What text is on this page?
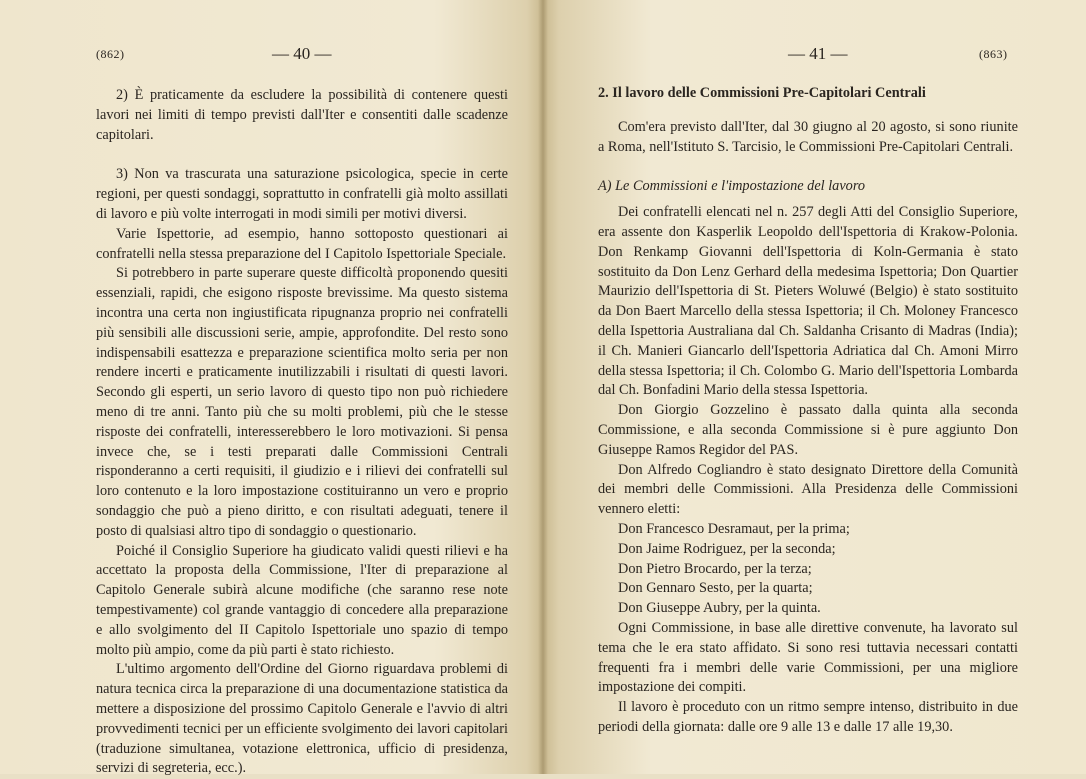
(862)	— 40 —

2) È praticamente da escludere la possibilità di contenere questi lavori nei limiti di tempo previsti dall'Iter e consentiti dalle scadenze capitolari.

3) Non va trascurata una saturazione psicologica, specie in certe regioni, per questi sondaggi, soprattutto in confratelli già molto assillati di lavoro e più volte interrogati in modi simili per motivi diversi.

Varie Ispettorie, ad esempio, hanno sottoposto questionari ai confratelli nella stessa preparazione del I Capitolo Ispettoriale Speciale.

Si potrebbero in parte superare queste difficoltà proponendo quesiti essenziali, rapidi, che esigono risposte brevissime. Ma questo sistema incontra una certa non ingiustificata ripugnanza proprio nei confratelli più sensibili alle discussioni serie, ampie, approfondite. Del resto sono indispensabili esattezza e preparazione scientifica molto seria per non rendere incerti e praticamente inutilizzabili i risultati di questi lavori. Secondo gli esperti, un serio lavoro di questo tipo non può richiedere meno di tre anni. Tanto più che su molti problemi, più che le stesse risposte dei confratelli, interesserebbero le loro motivazioni. Si pensa invece che, se i testi preparati dalle Commissioni Centrali risponderanno a certi requisiti, il giudizio e i rilievi dei confratelli sul loro contenuto e la loro impostazione costituiranno un vero e proprio sondaggio che può a pieno diritto, e con risultati adeguati, tenere il posto di qualsiasi altro tipo di sondaggio o questionario.

Poiché il Consiglio Superiore ha giudicato validi questi rilievi e ha accettato la proposta della Commissione, l'Iter di preparazione al Capitolo Generale subirà alcune modifiche (che saranno rese note tempestivamente) col grande vantaggio di concedere alla preparazione e allo svolgimento del II Capitolo Ispettoriale uno spazio di tempo molto più ampio, come da più parti è stato richiesto.

L'ultimo argomento dell'Ordine del Giorno riguardava problemi di natura tecnica circa la preparazione di una documentazione statistica da mettere a disposizione del prossimo Capitolo Generale e l'avvio di altri provvedimenti tecnici per un efficiente svolgimento dei lavori capitolari (traduzione simultanea, votazione elettronica, ufficio di presidenza, servizi di segreteria, ecc.).

— 41 —	(863)

2. Il lavoro delle Commissioni Pre-Capitolari Centrali

Com'era previsto dall'Iter, dal 30 giugno al 20 agosto, si sono riunite a Roma, nell'Istituto S. Tarcisio, le Commissioni Pre-Capitolari Centrali.

A) Le Commissioni e l'impostazione del lavoro

Dei confratelli elencati nel n. 257 degli Atti del Consiglio Superiore, era assente don Kasperlik Leopoldo dell'Ispettoria di Krakow-Polonia. Don Renkamp Giovanni dell'Ispettoria di Koln-Germania è stato sostituito da Don Lenz Gerhard della medesima Ispettoria; Don Quartier Maurizio dell'Ispettoria di St. Pieters Woluwé (Belgio) è stato sostituito da Don Baert Marcello della stessa Ispettoria; il Ch. Moloney Francesco della Ispettoria Australiana dal Ch. Saldanha Crisanto di Madras (India); il Ch. Manieri Giancarlo dell'Ispettoria Adriatica dal Ch. Amoni Mirro della stessa Ispettoria; il Ch. Colombo G. Mario dell'Ispettoria Lombarda dal Ch. Bonfadini Mario della stessa Ispettoria.

Don Giorgio Gozzelino è passato dalla quinta alla seconda Commissione, e alla seconda Commissione si è pure aggiunto Don Giuseppe Ramos Regidor del PAS.

Don Alfredo Cogliandro è stato designato Direttore della Comunità dei membri delle Commissioni. Alla Presidenza delle Commissioni vennero eletti:

Don Francesco Desramaut, per la prima;

Don Jaime Rodriguez, per la seconda;

Don Pietro Brocardo, per la terza;

Don Gennaro Sesto, per la quarta;

Don Giuseppe Aubry, per la quinta.

Ogni Commissione, in base alle direttive convenute, ha lavorato sul tema che le era stato affidato. Si sono resi tuttavia necessari contatti frequenti fra i membri delle varie Commissioni, per una migliore impostazione dei compiti.

Il lavoro è proceduto con un ritmo sempre intenso, distribuito in due periodi della giornata: dalle ore 9 alle 13 e dalle 17 alle 19,30.
